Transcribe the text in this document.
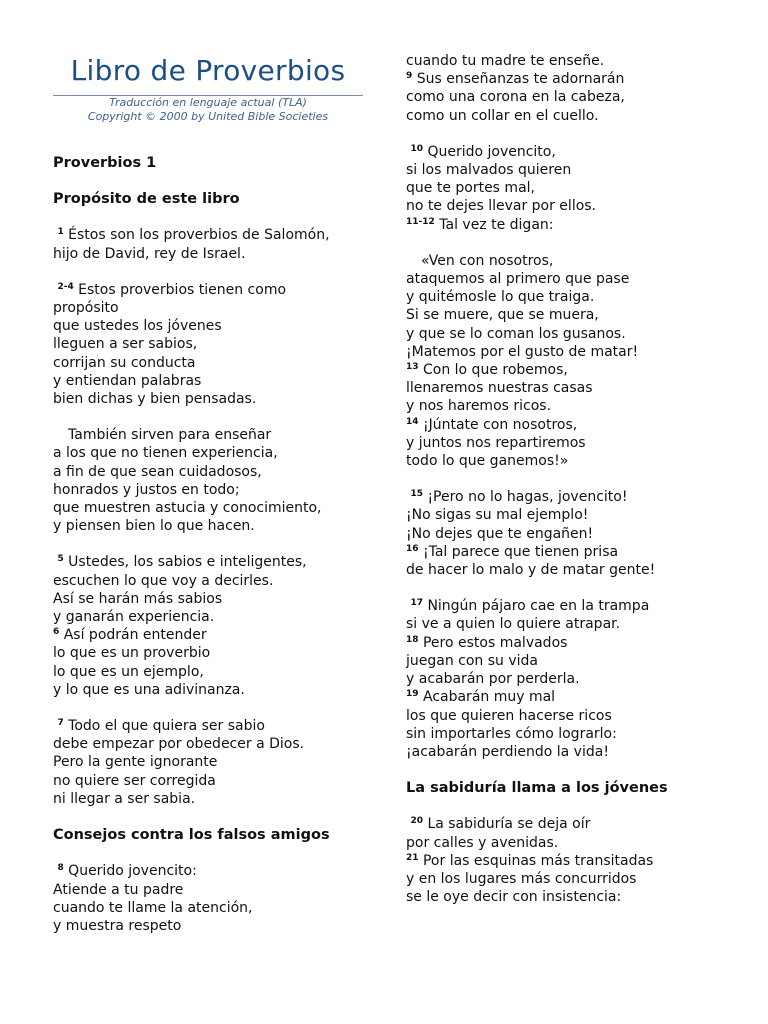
Libro de Proverbios
Traducción en lenguaje actual (TLA)
Copyright © 2000 by United Bible Societies
Proverbios 1
Propósito de este libro
$^1$ Éstos son los proverbios de Salomón,
hijo de David, rey de Israel.
$^{2-4}$ Estos proverbios tienen como
propósito
que ustedes los jóvenes
lleguen a ser sabios,
corrijan su conducta
y entiendan palabras
bien dichas y bien pensadas.
También sirven para enseñar
a los que no tienen experiencia,
a fin de que sean cuidadosos,
honrados y justos en todo;
que muestren astucia y conocimiento,
y piensen bien lo que hacen.
$^5$ Ustedes, los sabios e inteligentes,
escuchen lo que voy a decirles.
Así se harán más sabios
y ganarán experiencia.
$^6$ Así podrán entender
lo que es un proverbio
lo que es un ejemplo,
y lo que es una adivinanza.
$^7$ Todo el que quiera ser sabio
debe empezar por obedecer a Dios.
Pero la gente ignorante
no quiere ser corregida
ni llegar a ser sabia.
Consejos contra los falsos amigos
$^8$ Querido jovencito:
Atiende a tu padre
cuando te llame la atención,
y muestra respeto
cuando tu madre te enseñe.
$^9$ Sus enseñanzas te adornarán
como una corona en la cabeza,
como un collar en el cuello.
$^{10}$ Querido jovencito,
si los malvados quieren
que te portes mal,
no te dejes llevar por ellos.
$^{11-12}$ Tal vez te digan:
«Ven con nosotros,
ataquemos al primero que pase
y quitémosle lo que traiga.
Si se muere, que se muera,
y que se lo coman los gusanos.
¡Matemos por el gusto de matar!
$^{13}$ Con lo que robemos,
llenaremos nuestras casas
y nos haremos ricos.
$^{14}$ ¡Júntate con nosotros,
y juntos nos repartiremos
todo lo que ganemos!»
$^{15}$ ¡Pero no lo hagas, jovencito!
¡No sigas su mal ejemplo!
¡No dejes que te engañen!
$^{16}$ ¡Tal parece que tienen prisa
de hacer lo malo y de matar gente!
$^{17}$ Ningún pájaro cae en la trampa
si ve a quien lo quiere atrapar.
$^{18}$ Pero estos malvados
juegan con su vida
y acabarán por perderla.
$^{19}$ Acabarán muy mal
los que quieren hacerse ricos
sin importarles cómo lograrlo:
¡acabarán perdiendo la vida!
La sabiduría llama a los jóvenes
$^{20}$ La sabiduría se deja oír
por calles y avenidas.
$^{21}$ Por las esquinas más transitadas
y en los lugares más concurridos
se le oye decir con insistencia:
